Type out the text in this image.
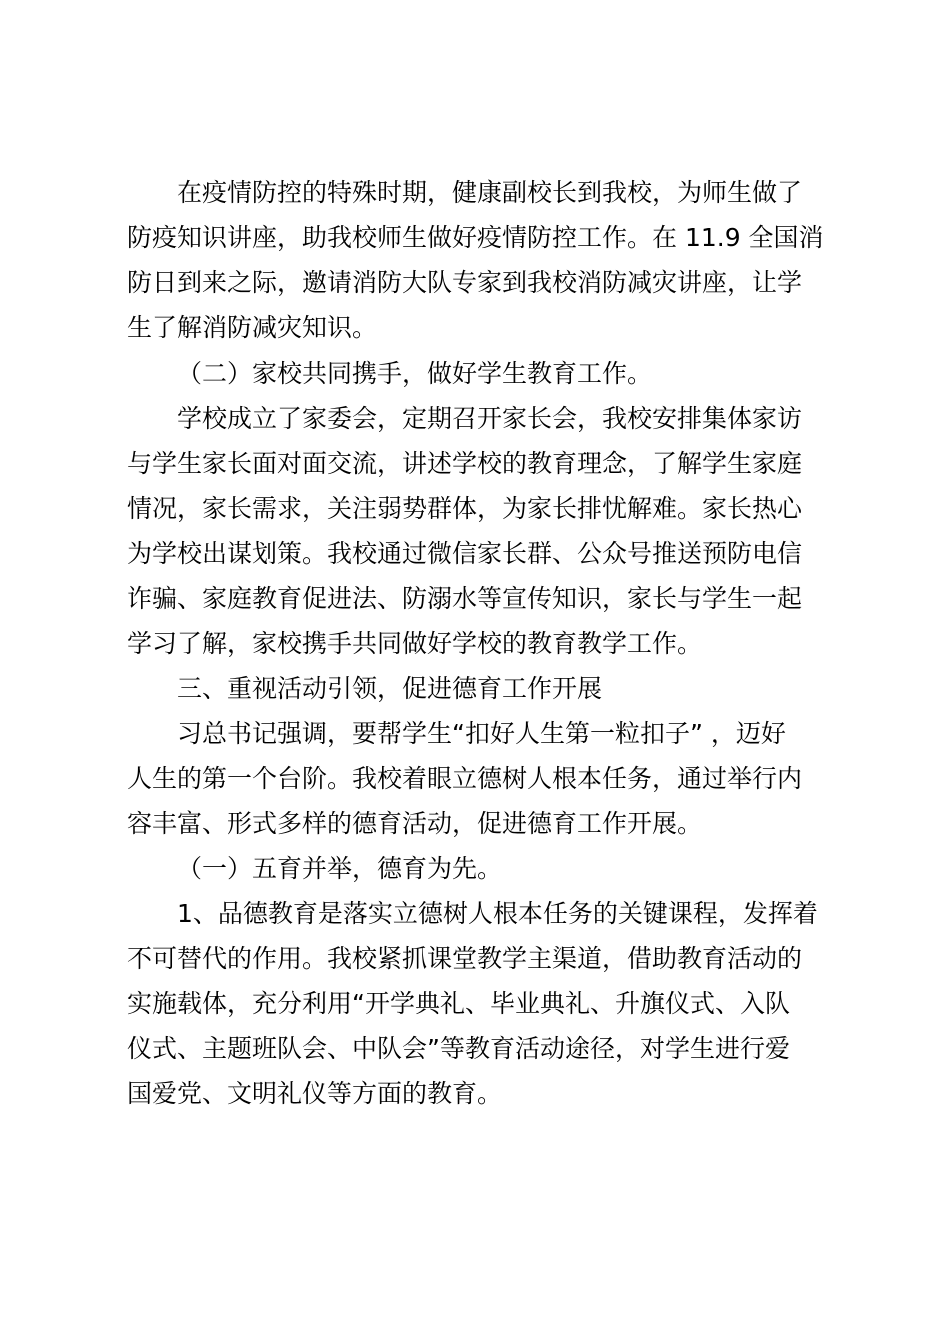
在疫情防控的特殊时期，健康副校长到我校，为师生做了
防疫知识讲座，助我校师生做好疫情防控工作。在 11.9 全国消
防日到来之际，邀请消防大队专家到我校消防减灾讲座，让学
生了解消防减灾知识。
（二）家校共同携手，做好学生教育工作。
学校成立了家委会，定期召开家长会，我校安排集体家访
与学生家长面对面交流，讲述学校的教育理念，了解学生家庭
情况，家长需求，关注弱势群体，为家长排忧解难。家长热心
为学校出谋划策。我校通过微信家长群、公众号推送预防电信
诈骗、家庭教育促进法、防溺水等宣传知识，家长与学生一起
学习了解，家校携手共同做好学校的教育教学工作。
三、重视活动引领，促进德育工作开展
习总书记强调，要帮学生“扣好人生第一粒扣子” ，迈好
人生的第一个台阶。我校着眼立德树人根本任务，通过举行内
容丰富、形式多样的德育活动，促进德育工作开展。
（一）五育并举，德育为先。
1、品德教育是落实立德树人根本任务的关键课程，发挥着
不可替代的作用。我校紧抓课堂教学主渠道，借助教育活动的
实施载体，充分利用“开学典礼、毕业典礼、升旗仪式、入队
仪式、主题班队会、中队会”等教育活动途径，对学生进行爱
国爱党、文明礼仪等方面的教育。
